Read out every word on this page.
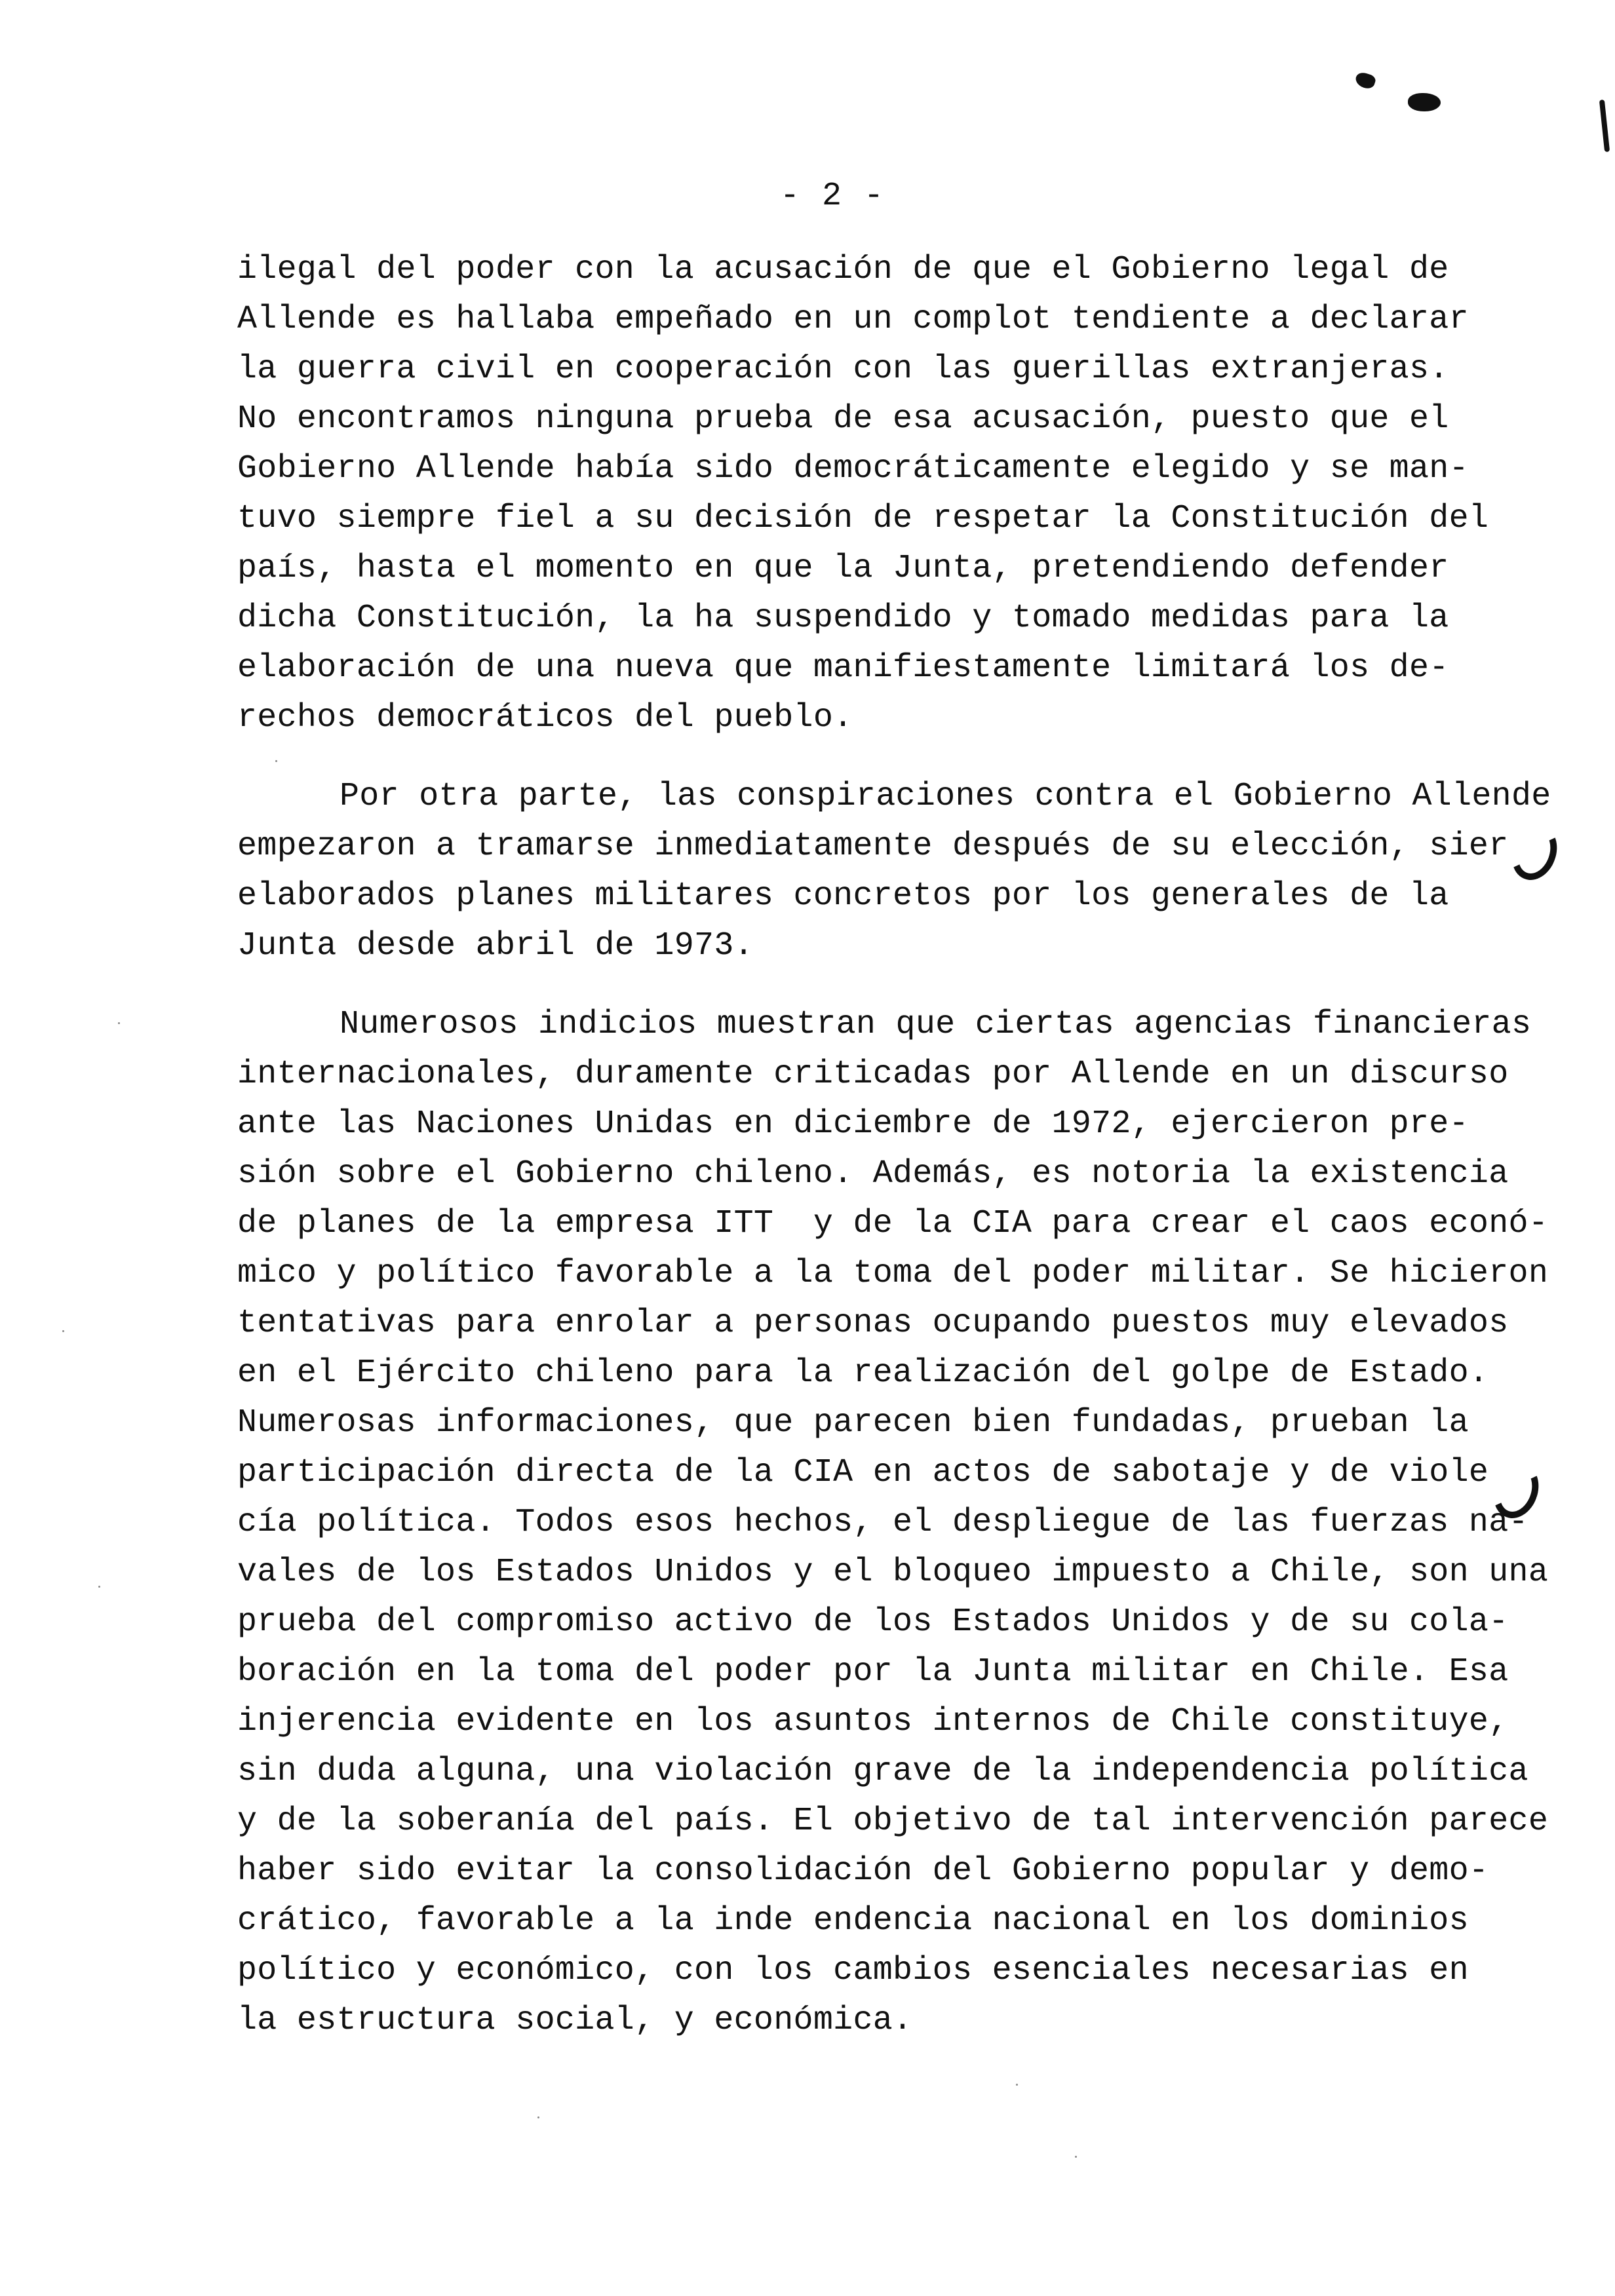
- 2 -
ilegal del poder con la acusación de que el Gobierno legal de
Allende es hallaba empeñado en un complot tendiente a declarar
la guerra civil en cooperación con las guerillas extranjeras.
No encontramos ninguna prueba de esa acusación, puesto que el
Gobierno Allende había sido democráticamente elegido y se man-
tuvo siempre fiel a su decisión de respetar la Constitución del
país, hasta el momento en que la Junta, pretendiendo defender
dicha Constitución, la ha suspendido y tomado medidas para la
elaboración de una nueva que manifiestamente limitará los de-
rechos democráticos del pueblo.
Por otra parte, las conspiraciones contra el Gobierno Allende
empezaron a tramarse inmediatamente después de su elección, sier
elaborados planes militares concretos por los generales de la
Junta desde abril de 1973.
Numerosos indicios muestran que ciertas agencias financieras
internacionales, duramente criticadas por Allende en un discurso
ante las Naciones Unidas en diciembre de 1972, ejercieron pre-
sión sobre el Gobierno chileno. Además, es notoria la existencia
de planes de la empresa ITT  y de la CIA para crear el caos econó-
mico y político favorable a la toma del poder militar. Se hicieron
tentativas para enrolar a personas ocupando puestos muy elevados
en el Ejército chileno para la realización del golpe de Estado.
Numerosas informaciones, que parecen bien fundadas, prueban la
participación directa de la CIA en actos de sabotaje y de viole
cía política. Todos esos hechos, el despliegue de las fuerzas na-
vales de los Estados Unidos y el bloqueo impuesto a Chile, son una
prueba del compromiso activo de los Estados Unidos y de su cola-
boración en la toma del poder por la Junta militar en Chile. Esa
injerencia evidente en los asuntos internos de Chile constituye,
sin duda alguna, una violación grave de la independencia política
y de la soberanía del país. El objetivo de tal intervención parece
haber sido evitar la consolidación del Gobierno popular y demo-
crático, favorable a la inde endencia nacional en los dominios
político y económico, con los cambios esenciales necesarias en
la estructura social, y económica.
